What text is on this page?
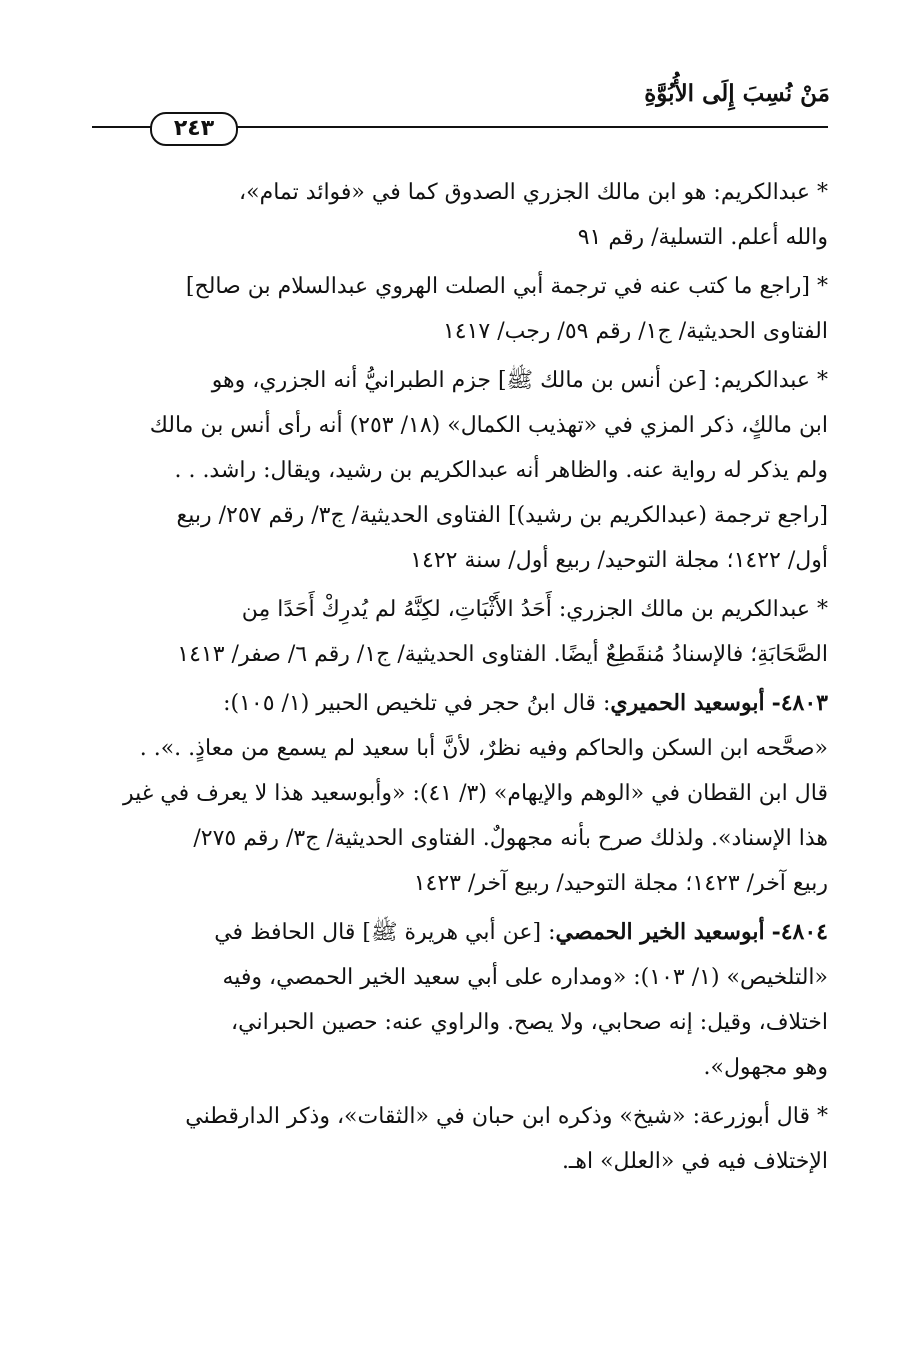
مَنْ نُسِبَ إِلَى الأُبُوَّةِ
٢٤٣
* عبدالكريم: هو ابن مالك الجزري الصدوق كما في «فوائد تمام»،
والله أعلم. التسلية/ رقم ٩١
* [راجع ما كتب عنه في ترجمة أبي الصلت الهروي عبدالسلام بن صالح]
الفتاوى الحديثية/ ج١/ رقم ٥٩/ رجب/ ١٤١٧
* عبدالكريم: [عن أنس بن مالك ﷺ] جزم الطبرانيُّ أنه الجزري، وهو
ابن مالكٍ، ذكر المزي في «تهذيب الكمال» (١٨/ ٢٥٣) أنه رأى أنس بن مالك
ولم يذكر له رواية عنه. والظاهر أنه عبدالكريم بن رشيد، ويقال: راشد. . .
[راجع ترجمة (عبدالكريم بن رشيد)] الفتاوى الحديثية/ ج٣/ رقم ٢٥٧/ ربيع
أول/ ١٤٢٢؛ مجلة التوحيد/ ربيع أول/ سنة ١٤٢٢
* عبدالكريم بن مالك الجزري: أَحَدُ الأَثْبَاتِ، لكِنَّهُ لم يُدرِكْ أَحَدًا مِن
الصَّحَابَةِ؛ فالإسنادُ مُنقَطِعٌ أيضًا. الفتاوى الحديثية/ ج١/ رقم ٦/ صفر/ ١٤١٣
٤٨٠٣- أبوسعيد الحميري: قال ابنُ حجر في تلخيص الحبير (١/ ١٠٥):
«صحَّحه ابن السكن والحاكم وفيه نظرٌ، لأنَّ أبا سعيد لم يسمع من معاذٍ. .». .
قال ابن القطان في «الوهم والإيهام» (٣/ ٤١): «وأبوسعيد هذا لا يعرف في غير
هذا الإسناد». ولذلك صرح بأنه مجهولٌ. الفتاوى الحديثية/ ج٣/ رقم ٢٧٥/
ربيع آخر/ ١٤٢٣؛ مجلة التوحيد/ ربيع آخر/ ١٤٢٣
٤٨٠٤- أبوسعيد الخير الحمصي: [عن أبي هريرة ﷺ] قال الحافظ في
«التلخيص» (١/ ١٠٣): «ومداره على أبي سعيد الخير الحمصي، وفيه
اختلاف، وقيل: إنه صحابي، ولا يصح. والراوي عنه: حصين الحبراني،
وهو مجهول».
* قال أبوزرعة: «شيخ» وذكره ابن حبان في «الثقات»، وذكر الدارقطني
الإختلاف فيه في «العلل» اهـ.
